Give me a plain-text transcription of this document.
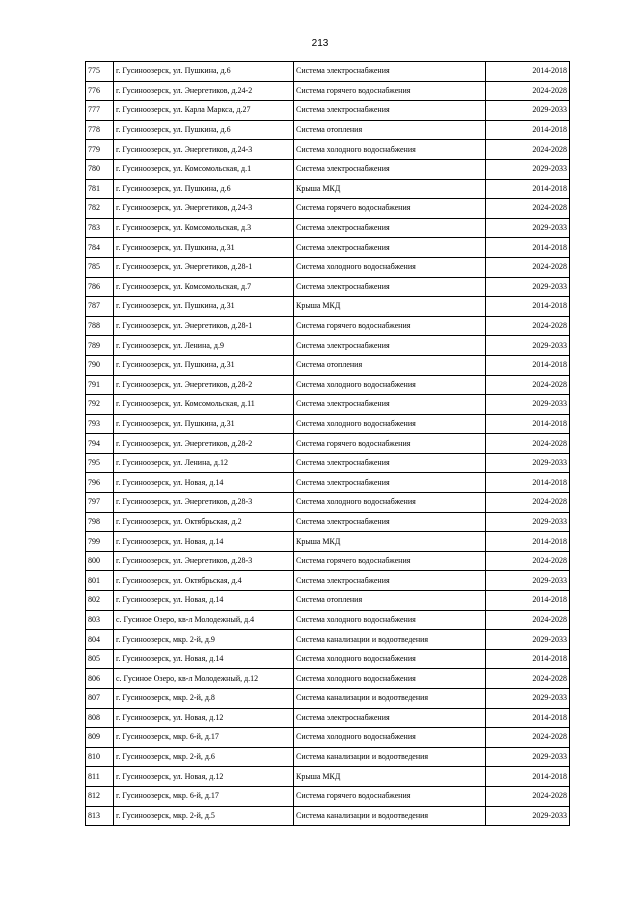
213
775	г. Гусиноозерск, ул. Пушкина, д.6	Система электроснабжения	2014-2018
776	г. Гусиноозерск, ул. Энергетиков, д.24-2	Система горячего водоснабжения	2024-2028
777	г. Гусиноозерск, ул. Карла Маркса, д.27	Система электроснабжения	2029-2033
778	г. Гусиноозерск, ул. Пушкина, д.6	Система отопления	2014-2018
779	г. Гусиноозерск, ул. Энергетиков, д.24-3	Система холодного водоснабжения	2024-2028
780	г. Гусиноозерск, ул. Комсомольская, д.1	Система электроснабжения	2029-2033
781	г. Гусиноозерск, ул. Пушкина, д.6	Крыша МКД	2014-2018
782	г. Гусиноозерск, ул. Энергетиков, д.24-3	Система горячего водоснабжения	2024-2028
783	г. Гусиноозерск, ул. Комсомольская, д.3	Система электроснабжения	2029-2033
784	г. Гусиноозерск, ул. Пушкина, д.31	Система электроснабжения	2014-2018
785	г. Гусиноозерск, ул. Энергетиков, д.28-1	Система холодного водоснабжения	2024-2028
786	г. Гусиноозерск, ул. Комсомольская, д.7	Система электроснабжения	2029-2033
787	г. Гусиноозерск, ул. Пушкина, д.31	Крыша МКД	2014-2018
788	г. Гусиноозерск, ул. Энергетиков, д.28-1	Система горячего водоснабжения	2024-2028
789	г. Гусиноозерск, ул. Ленина, д.9	Система электроснабжения	2029-2033
790	г. Гусиноозерск, ул. Пушкина, д.31	Система отопления	2014-2018
791	г. Гусиноозерск, ул. Энергетиков, д.28-2	Система холодного водоснабжения	2024-2028
792	г. Гусиноозерск, ул. Комсомольская, д.11	Система электроснабжения	2029-2033
793	г. Гусиноозерск, ул. Пушкина, д.31	Система холодного водоснабжения	2014-2018
794	г. Гусиноозерск, ул. Энергетиков, д.28-2	Система горячего водоснабжения	2024-2028
795	г. Гусиноозерск, ул. Ленина, д.12	Система электроснабжения	2029-2033
796	г. Гусиноозерск, ул. Новая, д.14	Система электроснабжения	2014-2018
797	г. Гусиноозерск, ул. Энергетиков, д.28-3	Система холодного водоснабжения	2024-2028
798	г. Гусиноозерск, ул. Октябрьская, д.2	Система электроснабжения	2029-2033
799	г. Гусиноозерск, ул. Новая, д.14	Крыша МКД	2014-2018
800	г. Гусиноозерск, ул. Энергетиков, д.28-3	Система горячего водоснабжения	2024-2028
801	г. Гусиноозерск, ул. Октябрьская, д.4	Система электроснабжения	2029-2033
802	г. Гусиноозерск, ул. Новая, д.14	Система отопления	2014-2018
803	с. Гусиное Озеро, кв-л Молодежный, д.4	Система холодного водоснабжения	2024-2028
804	г. Гусиноозерск, мкр. 2-й, д.9	Система канализации и водоотведения	2029-2033
805	г. Гусиноозерск, ул. Новая, д.14	Система холодного водоснабжения	2014-2018
806	с. Гусиное Озеро, кв-л Молодежный, д.12	Система холодного водоснабжения	2024-2028
807	г. Гусиноозерск, мкр. 2-й, д.8	Система канализации и водоотведения	2029-2033
808	г. Гусиноозерск, ул. Новая, д.12	Система электроснабжения	2014-2018
809	г. Гусиноозерск, мкр. 6-й, д.17	Система холодного водоснабжения	2024-2028
810	г. Гусиноозерск, мкр. 2-й, д.6	Система канализации и водоотведения	2029-2033
811	г. Гусиноозерск, ул. Новая, д.12	Крыша МКД	2014-2018
812	г. Гусиноозерск, мкр. 6-й, д.17	Система горячего водоснабжения	2024-2028
813	г. Гусиноозерск, мкр. 2-й, д.5	Система канализации и водоотведения	2029-2033
